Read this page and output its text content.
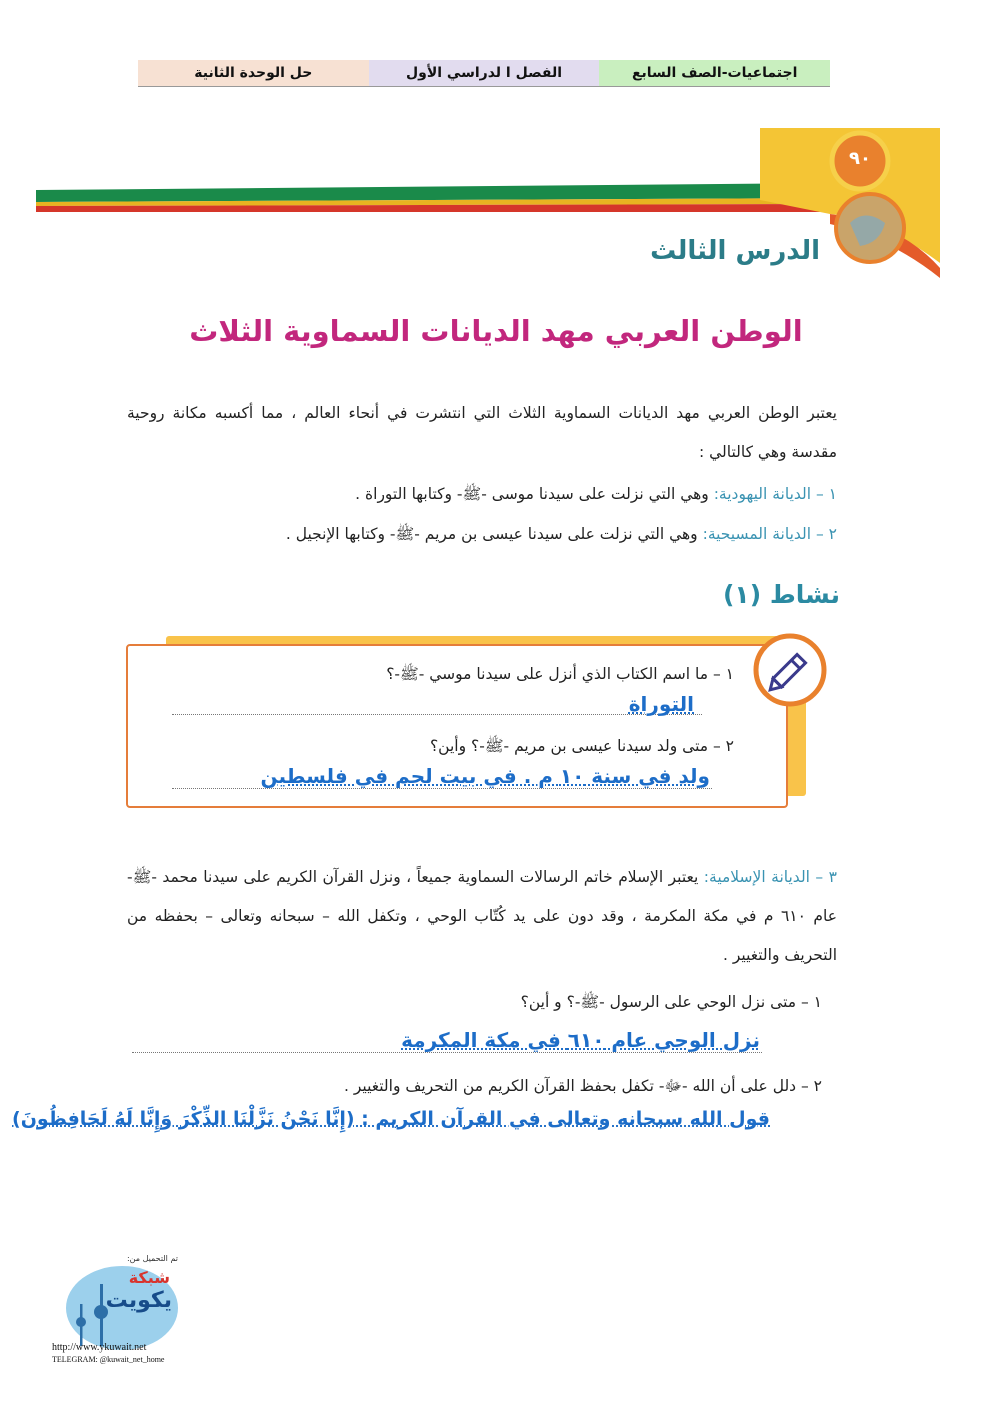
اجتماعيات-الصف السابع
الفصل ا لدراسي الأول
حل الوحدة الثانية
٩٠
الدرس الثالث
الوطن العربي مهد الديانات السماوية الثلاث
يعتبر الوطن العربي مهد الديانات السماوية الثلاث التي انتشرت في أنحاء العالم ، مما أكسبه مكانة روحية مقدسة وهي كالتالي :
١ – الديانة اليهودية: وهي التي نزلت على سيدنا موسى -ﷺ- وكتابها التوراة .
٢ – الديانة المسيحية: وهي التي نزلت على سيدنا عيسى بن مريم -ﷺ- وكتابها الإنجيل .
نشاط (١)
١ – ما اسم الكتاب الذي أنزل على سيدنا موسي -ﷺ-؟
التوراة
٢ – متى ولد سيدنا عيسى بن مريم -ﷺ-؟ وأين؟
ولد في سنة ١٠ م . في بيت لحم في فلسطين
٣ – الديانة الإسلامية: يعتبر الإسلام خاتم الرسالات السماوية جميعاً ، ونزل القرآن الكريم على سيدنا محمد -ﷺ- عام ٦١٠ م في مكة المكرمة ، وقد دون على يد كُتّاب الوحي ، وتكفل الله – سبحانه وتعالى – بحفظه من التحريف والتغيير .
١ – متى نزل الوحي على الرسول -ﷺ-؟ و أين؟
نزل الوحي عام ٦١٠ في مكة المكرمة
٢ – دلل على أن الله -ﷻ- تكفل بحفظ القرآن الكريم من التحريف والتغيير .
قول الله سبحانه وتعالى في القرآن الكريم : (إِنَّا نَحْنُ نَزَّلْنَا الذِّكْرَ وَإِنَّا لَهُ لَحَافِظُونَ)
تم التحميل من:
شبكة
يكويت
http://www.ykuwait.net
TELEGRAM: @kuwait_net_home
